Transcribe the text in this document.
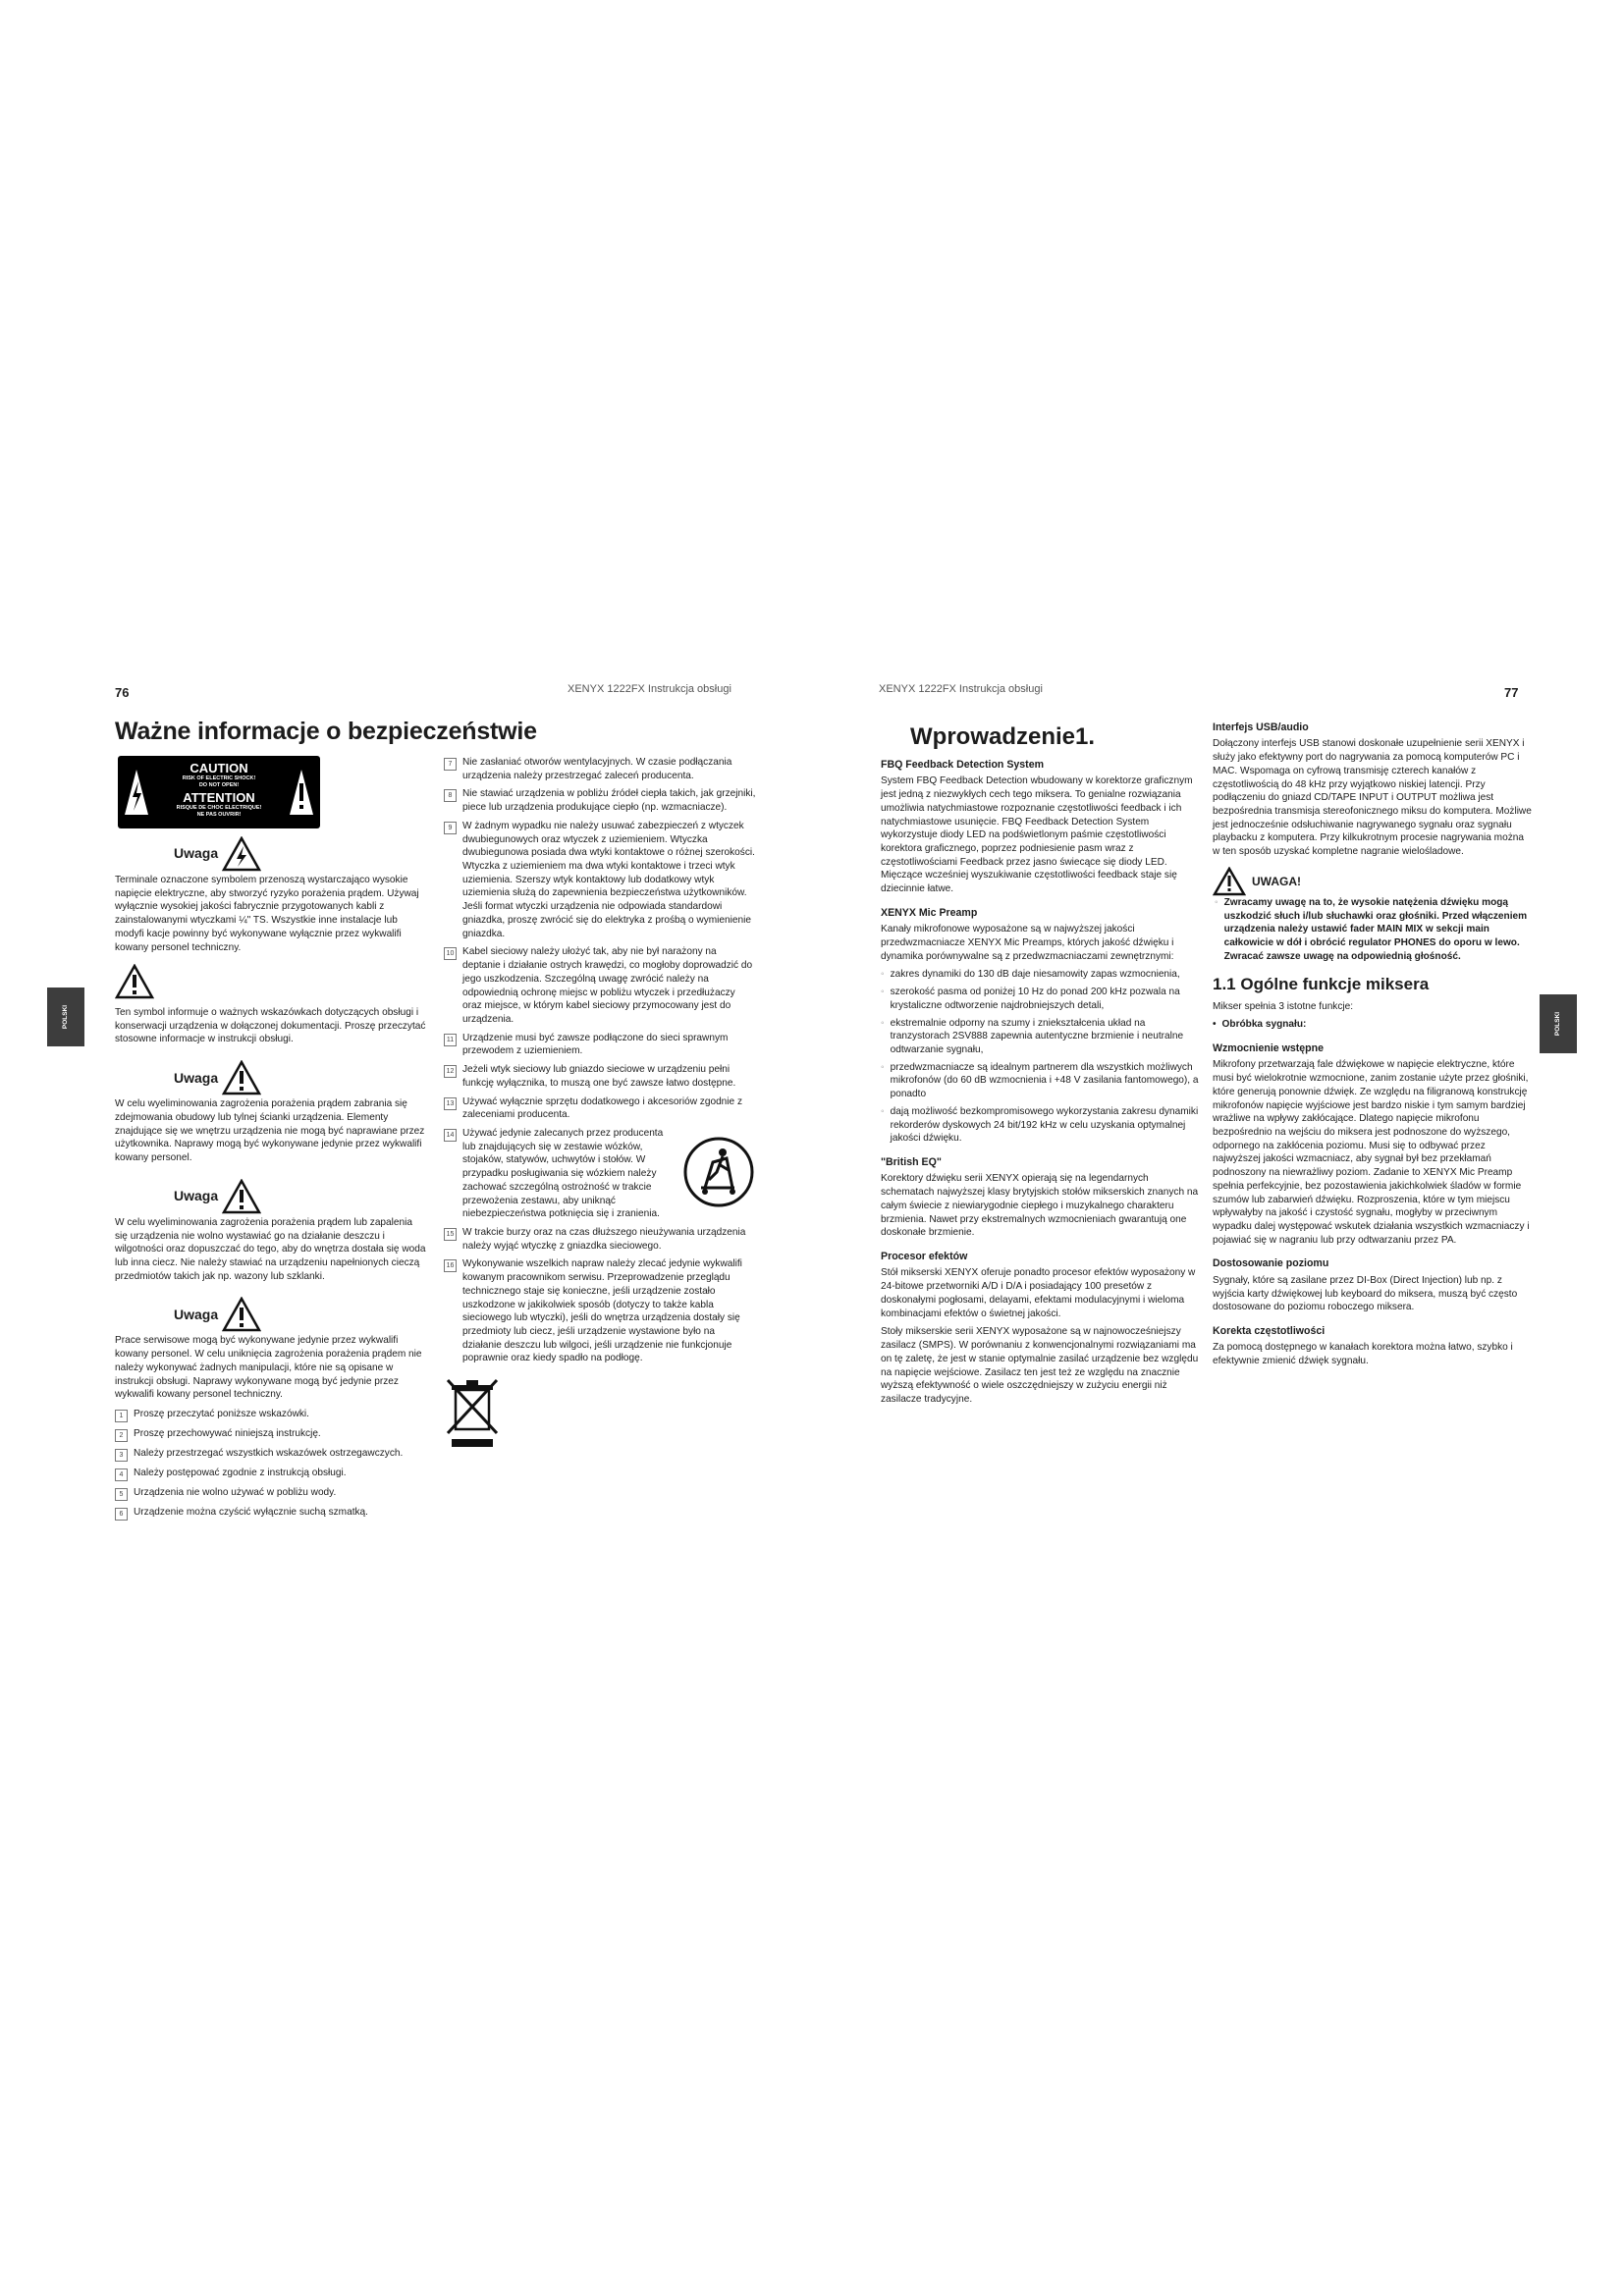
76	XENYX 1222FX Instrukcja obsługi
Ważne informacje o bezpieczeństwie
POLSKI
CAUTION
RISK OF ELECTRIC SHOCK!
DO NOT OPEN!
ATTENTION
RISQUE DE CHOC ELECTRIQUE!
NE PAS OUVRIR!
Uwaga

Terminale oznaczone symbolem przenoszą wystarczająco wysokie napięcie elektryczne, aby stworzyć ryzyko porażenia prądem. Używaj wyłącznie wysokiej jakości fabrycznie przygotowanych kabli z zainstalowanymi wtyczkami ¼" TS. Wszystkie inne instalacje lub modyfi kacje powinny być wykonywane wyłącznie przez wykwalifi kowany personel techniczny.

Ten symbol informuje o ważnych wskazówkach dotyczących obsługi i konserwacji urządzenia w dołączonej dokumentacji. Proszę przeczytać stosowne informacje w instrukcji obsługi.

Uwaga

W celu wyeliminowania zagrożenia porażenia prądem zabrania się zdejmowania obudowy lub tylnej ścianki urządzenia. Elementy znajdujące się we wnętrzu urządzenia nie mogą być naprawiane przez użytkownika. Naprawy mogą być wykonywane jedynie przez wykwalifi kowany personel.

Uwaga

W celu wyeliminowania zagrożenia porażenia prądem lub zapalenia się urządzenia nie wolno wystawiać go na działanie deszczu i wilgotności oraz dopuszczać do tego, aby do wnętrza dostała się woda lub inna ciecz. Nie należy stawiać na urządzeniu napełnionych cieczą przedmiotów takich jak np. wazony lub szklanki.

Uwaga

Prace serwisowe mogą być wykonywane jedynie przez wykwalifi kowany personel. W celu uniknięcia zagrożenia porażenia prądem nie należy wykonywać żadnych manipulacji, które nie są opisane w instrukcji obsługi. Naprawy wykonywane mogą być jedynie przez wykwalifi kowany personel techniczny.

1	Proszę przeczytać poniższe wskazówki.
2	Proszę przechowywać niniejszą instrukcję.
3	Należy przestrzegać wszystkich wskazówek ostrzegawczych.
4	Należy postępować zgodnie z instrukcją obsługi.
5	Urządzenia nie wolno używać w pobliżu wody.
6	Urządzenie można czyścić wyłącznie suchą szmatką.
7	Nie zasłaniać otworów wentylacyjnych. W czasie podłączania urządzenia należy przestrzegać zaleceń producenta.
8	Nie stawiać urządzenia w pobliżu źródeł ciepła takich, jak grzejniki, piece lub urządzenia produkujące ciepło (np. wzmacniacze).
9	W żadnym wypadku nie należy usuwać zabezpieczeń z wtyczek dwubiegunowych oraz wtyczek z uziemieniem. Wtyczka dwubiegunowa posiada dwa wtyki kontaktowe o różnej szerokości. Wtyczka z uziemieniem ma dwa wtyki kontaktowe i trzeci wtyk uziemienia. Szerszy wtyk kontaktowy lub dodatkowy wtyk uziemienia służą do zapewnienia bezpieczeństwa użytkowników. Jeśli format wtyczki urządzenia nie odpowiada standardowi gniazdka, proszę zwrócić się do elektryka z prośbą o wymienienie gniazdka.
10 Kabel sieciowy należy ułożyć tak, aby nie był narażony na deptanie i działanie ostrych krawędzi, co mogłoby doprowadzić do jego uszkodzenia. Szczególną uwagę zwrócić należy na odpowiednią ochronę miejsc w pobliżu wtyczek i przedłużaczy oraz miejsce, w którym kabel sieciowy przymocowany jest do urządzenia.
11 Urządzenie musi być zawsze podłączone do sieci sprawnym przewodem z uziemieniem.
12 Jeżeli wtyk sieciowy lub gniazdo sieciowe w urządzeniu pełni funkcję wyłącznika, to muszą one być zawsze łatwo dostępne.
13 Używać wyłącznie sprzętu dodatkowego i akcesoriów zgodnie z zaleceniami producenta.
14 Używać jedynie zalecanych przez producenta lub znajdujących się w zestawie wózków, stojaków, statywów, uchwytów i stołów. W przypadku posługiwania się wózkiem należy zachować szczególną ostrożność w trakcie przewożenia zestawu, aby uniknąć niebezpieczeństwa potknięcia się i zranienia.
15 W trakcie burzy oraz na czas dłuższego nieużywania urządzenia należy wyjąć wtyczkę z gniazdka sieciowego.
16 Wykonywanie wszelkich napraw należy zlecać jedynie wykwalifi kowanym pracownikom serwisu. Przeprowadzenie przeglądu technicznego staje się konieczne, jeśli urządzenie zostało uszkodzone w jakikolwiek sposób (dotyczy to także kabla sieciowego lub wtyczki), jeśli do wnętrza urządzenia dostały się przedmioty lub ciecz, jeśli urządzenie wystawione było na działanie deszczu lub wilgoci, jeśli urządzenie nie funkcjonuje poprawnie oraz kiedy spadło na podłogę.
XENYX 1222FX Instrukcja obsługi	77
POLSKI
Wprowadzenie1.
FBQ Feedback Detection System

System FBQ Feedback Detection wbudowany w korektorze graficznym jest jedną z niezwykłych cech tego miksera. To genialne rozwiązania umożliwia natychmiastowe rozpoznanie częstotliwości feedback i ich natychmiastowe usunięcie. FBQ Feedback Detection System wykorzystuje diody LED na podświetlonym paśmie częstotliwości korektora graficznego, poprzez podniesienie pasm wraz z częstotliwościami Feedback przez jasno świecące się diody LED. Mięczące wcześniej wyszukiwanie częstotliwości feedback staje się dziecinnie łatwe.

XENYX Mic Preamp

Kanały mikrofonowe wyposażone są w najwyższej jakości przedwzmacniacze XENYX Mic Preamps, których jakość dźwięku i dynamika porównywalne są z przedwzmacniaczami zewnętrznymi:

◦ zakres dynamiki do 130 dB daje niesamowity zapas wzmocnienia,
◦ szerokość pasma od poniżej 10 Hz do ponad 200 kHz pozwala na krystaliczne odtworzenie najdrobniejszych detali,
◦ ekstremalnie odporny na szumy i zniekształcenia układ na tranzystorach 2SV888 zapewnia autentyczne brzmienie i neutralne odtwarzanie sygnału,
◦ przedwzmacniacze są idealnym partnerem dla wszystkich możliwych mikrofonów (do 60 dB wzmocnienia i +48 V zasilania fantomowego), a ponadto
◦ dają możliwość bezkompromisowego wykorzystania zakresu dynamiki rekorderów dyskowych 24 bit/192 kHz w celu uzyskania optymalnej jakości dźwięku.
"British EQ"

Korektory dźwięku serii XENYX opierają się na legendarnych schematach najwyższej klasy brytyjskich stołów mikserskich znanych na całym świecie z niewiarygodnie ciepłego i muzykalnego charakteru brzmienia. Nawet przy ekstremalnych wzmocnieniach gwarantują one doskonałe brzmienie.

Procesor efektów

Stół mikserski XENYX oferuje ponadto procesor efektów wyposażony w 24-bitowe przetworniki A/D i D/A i posiadający 100 presetów z doskonałymi pogłosami, delayami, efektami modulacyjnymi i wieloma kombinacjami efektów o świetnej jakości.

Stoły mikserskie serii XENYX wyposażone są w najnowocześniejszy zasilacz (SMPS). W porównaniu z konwencjonalnymi rozwiązaniami ma on tę zaletę, że jest w stanie optymalnie zasilać urządzenie bez względu na napięcie wejściowe. Zasilacz ten jest też ze względu na znacznie wyższą efektywność o wiele oszczędniejszy w zużyciu energii niż zasilacze tradycyjne.

Interfejs USB/audio

Dołączony interfejs USB stanowi doskonałe uzupełnienie serii XENYX i służy jako efektywny port do nagrywania za pomocą komputerów PC i MAC. Wspomaga on cyfrową transmisję czterech kanałów z częstotliwością do 48 kHz przy wyjątkowo niskiej latencji. Przy podłączeniu do gniazd CD/TAPE INPUT i OUTPUT możliwa jest bezpośrednia transmisja stereofonicznego miksu do komputera. Możliwe jest jednocześnie odsłuchiwanie nagrywanego sygnału oraz sygnału playbacku z komputera. Przy kilkukrotnym procesie nagrywania można w ten sposób uzyskać kompletne nagranie wielośladowe.

UWAGA!
◦ Zwracamy uwagę na to, że wysokie natężenia dźwięku mogą uszkodzić słuch i/lub słuchawki oraz głośniki. Przed włączeniem urządzenia należy ustawić fader MAIN MIX w sekcji main całkowicie w dół i obrócić regulator PHONES do oporu w lewo. Zwracać zawsze uwagę na odpowiednią głośność.
1.1 Ogólne funkcje miksera

Mikser spełnia 3 istotne funkcje:

• Obróbka sygnału:
Wzmocnienie wstępne

Mikrofony przetwarzają fale dźwiękowe w napięcie elektryczne, które musi być wielokrotnie wzmocnione, zanim zostanie użyte przez głośniki, które generują ponownie dźwięk. Ze względu na filigranową konstrukcję mikrofonów napięcie wyjściowe jest bardzo niskie i tym samym bardziej wrażliwe na wpływy zakłócające. Dlatego napięcie mikrofonu bezpośrednio na wejściu do miksera jest podnoszone do wyższego, odpornego na zakłócenia poziomu. Musi się to odbywać przez najwyższej jakości wzmacniacz, aby sygnał był bez przekłamań podnoszony na niewrażliwy poziom. Zadanie to XENYX Mic Preamp spełnia perfekcyjnie, bez pozostawienia jakichkolwiek śladów w formie szumów lub zabarwień dźwięku. Rozproszenia, które w tym miejscu wpływałyby na jakość i czystość sygnału, mogłyby w przeciwnym wypadku dalej występować wskutek działania wszystkich wzmacniaczy i pojawiać się w nagraniu lub przy odtwarzaniu przez PA.

Dostosowanie poziomu

Sygnały, które są zasilane przez DI-Box (Direct Injection) lub np. z wyjścia karty dźwiękowej lub keyboard do miksera, muszą być często dostosowane do poziomu roboczego miksera.

Korekta częstotliwości

Za pomocą dostępnego w kanałach korektora można łatwo, szybko i efektywnie zmienić dźwięk sygnału.
